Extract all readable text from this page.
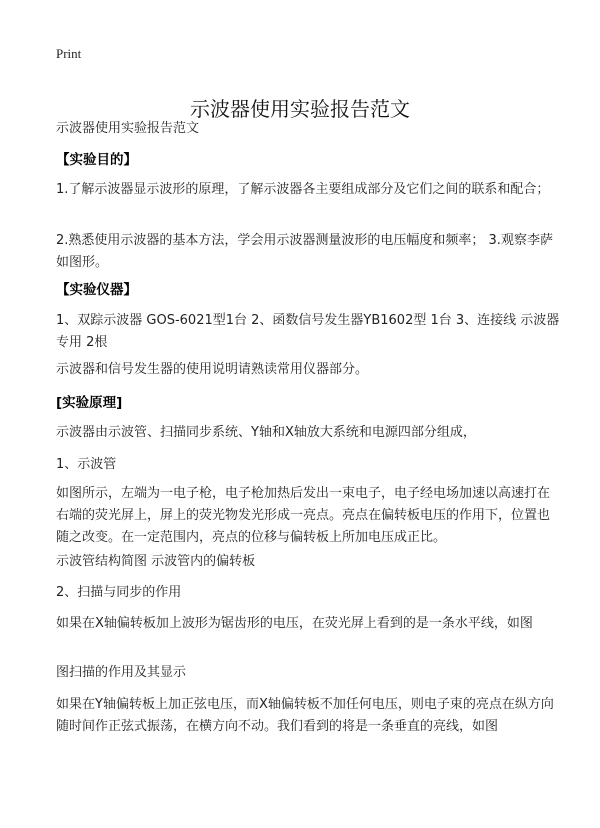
Print
示波器使用实验报告范文

示波器使用实验报告范文

【实验目的】

1.了解示波器显示波形的原理，了解示波器各主要组成部分及它们之间的联系和配合；

2.熟悉使用示波器的基本方法，学会用示波器测量波形的电压幅度和频率； 3.观察李萨如图形。

【实验仪器】

1、双踪示波器 GOS-6021型1台 2、函数信号发生器YB1602型 1台 3、连接线 示波器专用 2根

示波器和信号发生器的使用说明请熟读常用仪器部分。

[实验原理]

示波器由示波管、扫描同步系统、Y轴和X轴放大系统和电源四部分组成，

1、示波管

如图所示，左端为一电子枪，电子枪加热后发出一束电子，电子经电场加速以高速打在右端的荧光屏上，屏上的荧光物发光形成一亮点。亮点在偏转板电压的作用下，位置也随之改变。在一定范围内，亮点的位移与偏转板上所加电压成正比。

示波管结构简图 示波管内的偏转板

2、扫描与同步的作用

如果在X轴偏转板加上波形为锯齿形的电压，在荧光屏上看到的是一条水平线，如图

图扫描的作用及其显示

如果在Y轴偏转板上加正弦电压，而X轴偏转板不加任何电压，则电子束的亮点在纵方向随时间作正弦式振荡，在横方向不动。我们看到的将是一条垂直的亮线，如图
